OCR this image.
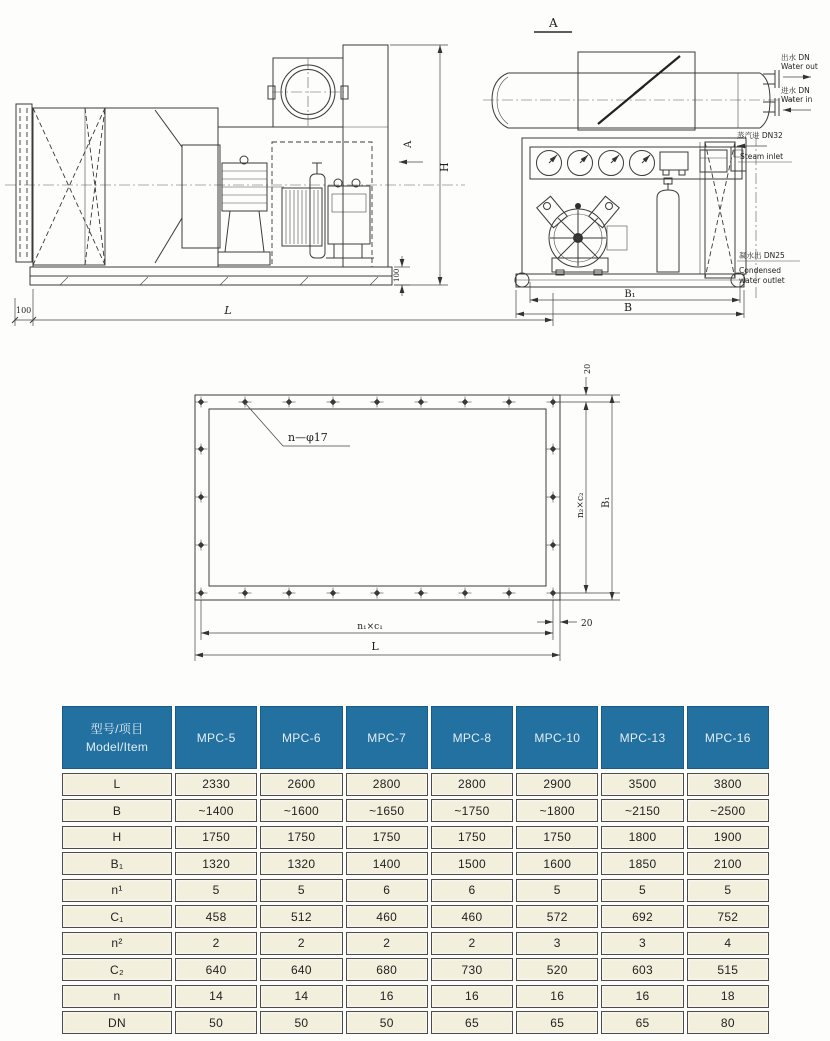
H
A
100
100	L
A
B₁
B
出水 DN
Water out
进水 DN
Water in
蒸汽进 DN32
Steam inlet
凝水出 DN25
Condensed
water outlet
n—φ17
20
n₂×c₂ B₁
n₁×c₁
L
20
型号/项目
Model/Item
MPC-5	MPC-6	MPC-7	MPC-8	MPC-10	MPC-13	MPC-16
L	2330	2600	2800	2800	2900	3500	3800
B	~1400	~1600	~1650	~1750	~1800	~2150	~2500
H	1750	1750	1750	1750	1750	1800	1900
B₁	1320	1320	1400	1500	1600	1850	2100
n¹	5	5	6	6	5	5	5
C₁	458	512	460	460	572	692	752
n²	2	2	2	2	3	3	4
C₂	640	640	680	730	520	603	515
n	14	14	16	16	16	16	18
DN	50	50	50	65	65	65	80
